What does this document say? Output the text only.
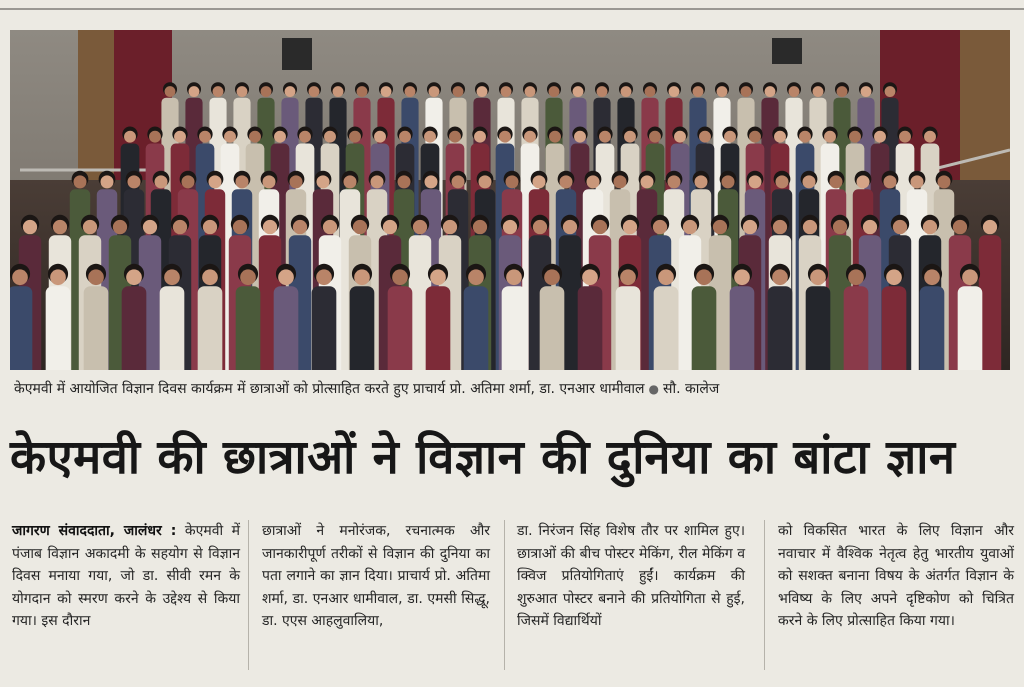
केएमवी में आयोजित विज्ञान दिवस कार्यक्रम में छात्राओं को प्रोत्साहित करते हुए प्राचार्य प्रो. अतिमा शर्मा, डा. एनआर धामीवाल ● सौ. कालेज
केएमवी की छात्राओं ने विज्ञान की दुनिया का बांटा ज्ञान
जागरण संवाददाता, जालंधर : केएमवी में पंजाब विज्ञान अकादमी के सहयोग से विज्ञान दिवस मनाया गया, जो डा. सीवी रमन के योगदान को स्मरण करने के उद्देश्य से किया गया। इस दौरान
छात्राओं ने मनोरंजक, रचनात्मक और जानकारीपूर्ण तरीकों से विज्ञान की दुनिया का पता लगाने का ज्ञान दिया। प्राचार्य प्रो. अतिमा शर्मा, डा. एनआर धामीवाल, डा. एमसी सिद्धू, डा. एएस आहलुवालिया,
डा. निरंजन सिंह विशेष तौर पर शामिल हुए। छात्राओं की बीच पोस्टर मेकिंग, रील मेकिंग व क्विज प्रतियोगिताएं हुईं। कार्यक्रम की शुरुआत पोस्टर बनाने की प्रतियोगिता से हुई, जिसमें विद्यार्थियों
को विकसित भारत के लिए विज्ञान और नवाचार में वैश्विक नेतृत्व हेतु भारतीय युवाओं को सशक्त बनाना विषय के अंतर्गत विज्ञान के भविष्य के लिए अपने दृष्टिकोण को चित्रित करने के लिए प्रोत्साहित किया गया।
